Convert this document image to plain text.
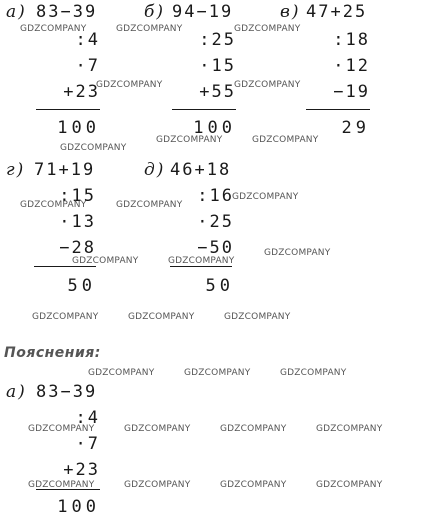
а) 83−39
:4
·7
+23
100
б) 94−19
:25
·15
+55
100
в) 47+25
:18
·12
−19
29
г) 71+19
:15
·13
−28
50
д) 46+18
:16
·25
−50
50
Пояснения:
а) 83−39
:4
·7
+23
100
GDZCOMPANY	GDZCOMPANY	GDZCOMPANY
GDZCOMPANY	GDZCOMPANY
GDZCOMPANY
GDZCOMPANY	GDZCOMPANY
GDZCOMPANY	GDZCOMPANY
GDZCOMPANY
GDZCOMPANY	GDZCOMPANY
GDZCOMPANY
GDZCOMPANY	GDZCOMPANY	GDZCOMPANY
GDZCOMPANY	GDZCOMPANY	GDZCOMPANY
GDZCOMPANY	GDZCOMPANY	GDZCOMPANY	GDZCOMPANY
GDZCOMPANY	GDZCOMPANY	GDZCOMPANY	GDZCOMPANY
